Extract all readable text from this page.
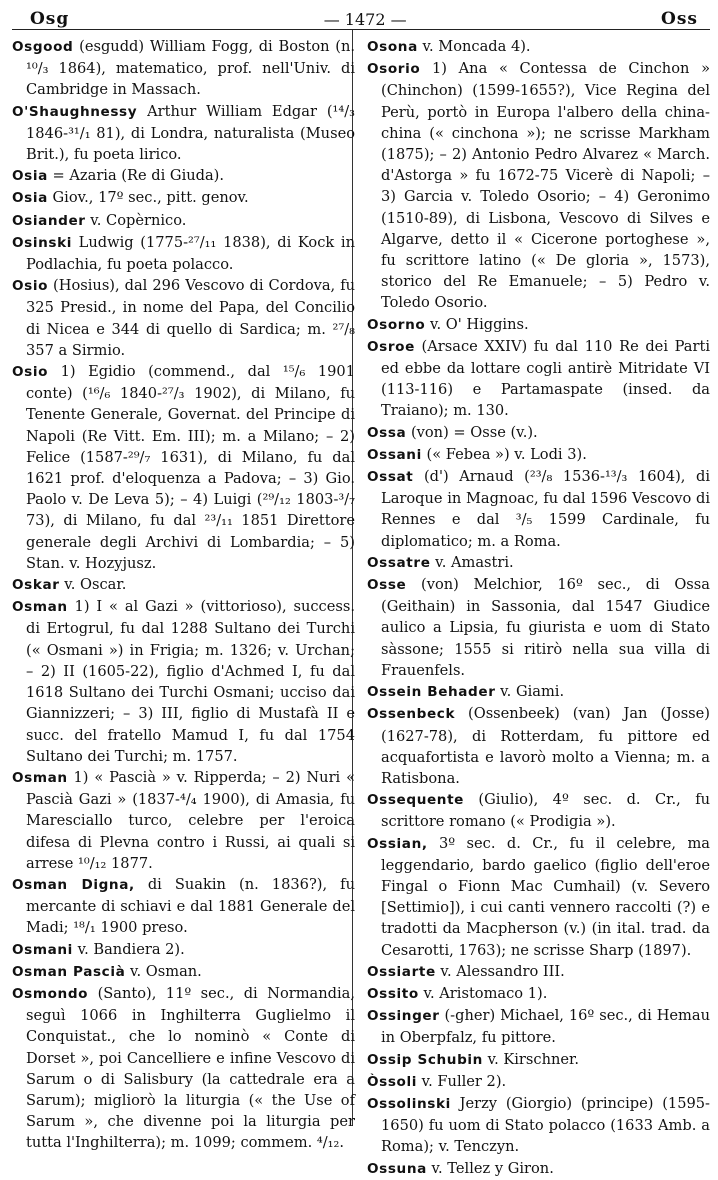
Osg	— 1472 —	Oss

Osgood (esgudd) William Fogg, di Boston (n. ¹⁰/₃ 1864), matematico, prof. nell'Univ. di Cambridge in Massach.

O'Shaughnessy Arthur William Edgar (¹⁴/₃ 1846-³¹/₁ 81), di Londra, naturalista (Museo Brit.), fu poeta lirico.

Osia = Azaria (Re di Giuda).

Osia Giov., 17º sec., pitt. genov.

Osiander v. Copèrnico.

Osinski Ludwig (1775-²⁷/₁₁ 1838), di Kock in Podlachia, fu poeta polacco.

Osio (Hosius), dal 296 Vescovo di Cordova, fu 325 Presid., in nome del Papa, del Concilio di Nicea e 344 di quello di Sardica; m. ²⁷/₈ 357 a Sirmio.

Osio 1) Egidio (commend., dal ¹⁵/₆ 1901 conte) (¹⁶/₆ 1840-²⁷/₃ 1902), di Milano, fu Tenente Generale, Governat. del Principe di Napoli (Re Vitt. Em. III); m. a Milano; – 2) Felice (1587-²⁹/₇ 1631), di Milano, fu dal 1621 prof. d'eloquenza a Padova; – 3) Gio. Paolo v. De Leva 5); – 4) Luigi (²⁹/₁₂ 1803-³/₇ 73), di Milano, fu dal ²³/₁₁ 1851 Direttore generale degli Archivi di Lombardia; – 5) Stan. v. Hozyjusz.

Oskar v. Oscar.

Osman 1) I « al Gazi » (vittorioso), success. di Ertogrul, fu dal 1288 Sultano dei Turchi (« Osmani ») in Frigia; m. 1326; v. Urchan; – 2) II (1605-22), figlio d'Achmed I, fu dal 1618 Sultano dei Turchi Osmani; ucciso dai Giannizzeri; – 3) III, figlio di Mustafà II e succ. del fratello Mamud I, fu dal 1754 Sultano dei Turchi; m. 1757.

Osman 1) « Pascià » v. Ripperda; – 2) Nuri « Pascià Gazi » (1837-⁴/₄ 1900), di Amasia, fu Maresciallo turco, celebre per l'eroica difesa di Plevna contro i Russi, ai quali si arrese ¹⁰/₁₂ 1877.

Osman Digna, di Suakin (n. 1836?), fu mercante di schiavi e dal 1881 Generale del Madi; ¹⁸/₁ 1900 preso.

Osmani v. Bandiera 2).

Osman Pascià v. Osman.

Osmondo (Santo), 11º sec., di Normandia, seguì 1066 in Inghilterra Guglielmo il Conquistat., che lo nominò « Conte di Dorset », poi Cancelliere e infine Vescovo di Sarum o di Salisbury (la cattedrale era a Sarum); migliorò la liturgia (« the Use of Sarum », che divenne poi la liturgia per tutta l'Inghilterra); m. 1099; commem. ⁴/₁₂.

Osona v. Moncada 4).

Osorio 1) Ana « Contessa de Cinchon » (Chinchon) (1599-1655?), Vice Regina del Perù, portò in Europa l'albero della china-china (« cinchona »); ne scrisse Markham (1875); – 2) Antonio Pedro Alvarez « March. d'Astorga » fu 1672-75 Vicerè di Napoli; – 3) Garcia v. Toledo Osorio; – 4) Geronimo (1510-89), di Lisbona, Vescovo di Silves e Algarve, detto il « Cicerone portoghese », fu scrittore latino (« De gloria », 1573), storico del Re Emanuele; – 5) Pedro v. Toledo Osorio.

Osorno v. O' Higgins.

Osroe (Arsace XXIV) fu dal 110 Re dei Parti ed ebbe da lottare cogli antirè Mitridate VI (113-116) e Partamaspate (insed. da Traiano); m. 130.

Ossa (von) = Osse (v.).

Ossani (« Febea ») v. Lodi 3).

Ossat (d') Arnaud (²³/₈ 1536-¹³/₃ 1604), di Laroque in Magnoac, fu dal 1596 Vescovo di Rennes e dal ³/₅ 1599 Cardinale, fu diplomatico; m. a Roma.

Ossatre v. Amastri.

Osse (von) Melchior, 16º sec., di Ossa (Geithain) in Sassonia, dal 1547 Giudice aulico a Lipsia, fu giurista e uom di Stato sàssone; 1555 si ritirò nella sua villa di Frauenfels.

Ossein Behader v. Giami.

Ossenbeck (Ossenbeek) (van) Jan (Josse) (1627-78), di Rotterdam, fu pittore ed acquafortista e lavorò molto a Vienna; m. a Ratisbona.

Ossequente (Giulio), 4º sec. d. Cr., fu scrittore romano (« Prodigia »).

Ossian, 3º sec. d. Cr., fu il celebre, ma leggendario, bardo gaelico (figlio dell'eroe Fingal o Fionn Mac Cumhail) (v. Severo [Settimio]), i cui canti vennero raccolti (?) e tradotti da Macpherson (v.) (in ital. trad. da Cesarotti, 1763); ne scrisse Sharp (1897).

Ossiarte v. Alessandro III.

Ossito v. Aristomaco 1).

Ossinger (-gher) Michael, 16º sec., di Hemau in Oberpfalz, fu pittore.

Ossip Schubin v. Kirschner.

Òssoli v. Fuller 2).

Ossolinski Jerzy (Giorgio) (principe) (1595-1650) fu uom di Stato polacco (1633 Amb. a Roma); v. Tenczyn.

Ossuna v. Tellez y Giron.
